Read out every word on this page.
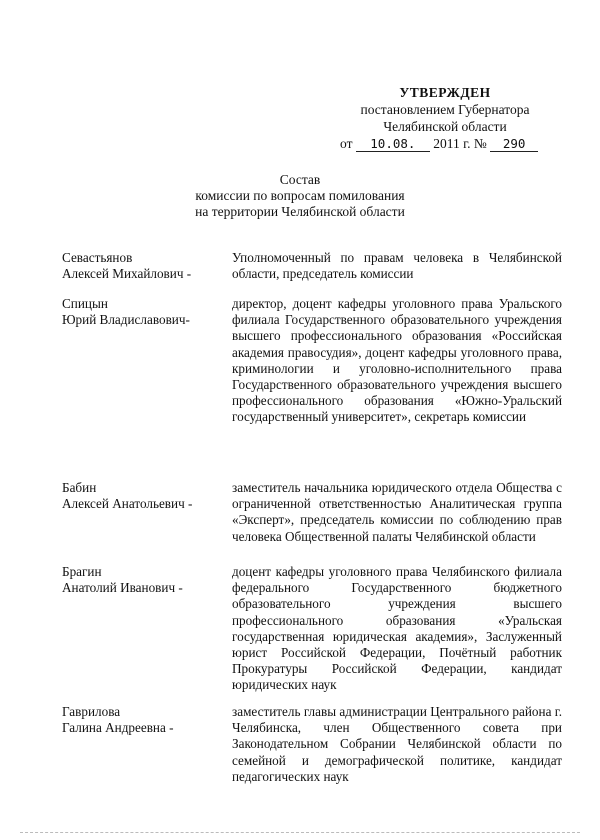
УТВЕРЖДЕН
постановлением Губернатора
Челябинской области
от 10.08. 2011 г. № 290
Состав
комиссии по вопросам помилования
на территории Челябинской области
Севастьянов
Алексей Михайлович -
Уполномоченный по правам человека в Челябинской области, председатель комиссии
Спицын
Юрий Владиславович-
директор, доцент кафедры уголовного права Уральского филиала Государственного образовательного учреждения высшего профессионального образования «Российская академия правосудия», доцент кафедры уголовного права, криминологии и уголовно-исполнительного права Государственного образовательного учреждения высшего профессионального образования «Южно-Уральский государственный университет», секретарь комиссии
Бабин
Алексей Анатольевич -
заместитель начальника юридического отдела Общества с ограниченной ответственностью Аналитическая группа «Эксперт», председатель комиссии по соблюдению прав человека Общественной палаты Челябинской области
Брагин
Анатолий Иванович -
доцент кафедры уголовного права Челябинского филиала федерального Государственного бюджетного образовательного учреждения высшего профессионального образования «Уральская государственная юридическая академия», Заслуженный юрист Российской Федерации, Почётный работник Прокуратуры Российской Федерации, кандидат юридических наук
Гаврилова
Галина Андреевна -
заместитель главы администрации Центрального района г. Челябинска, член Общественного совета при Законодательном Собрании Челябинской области по семейной и демографической политике, кандидат педагогических наук
